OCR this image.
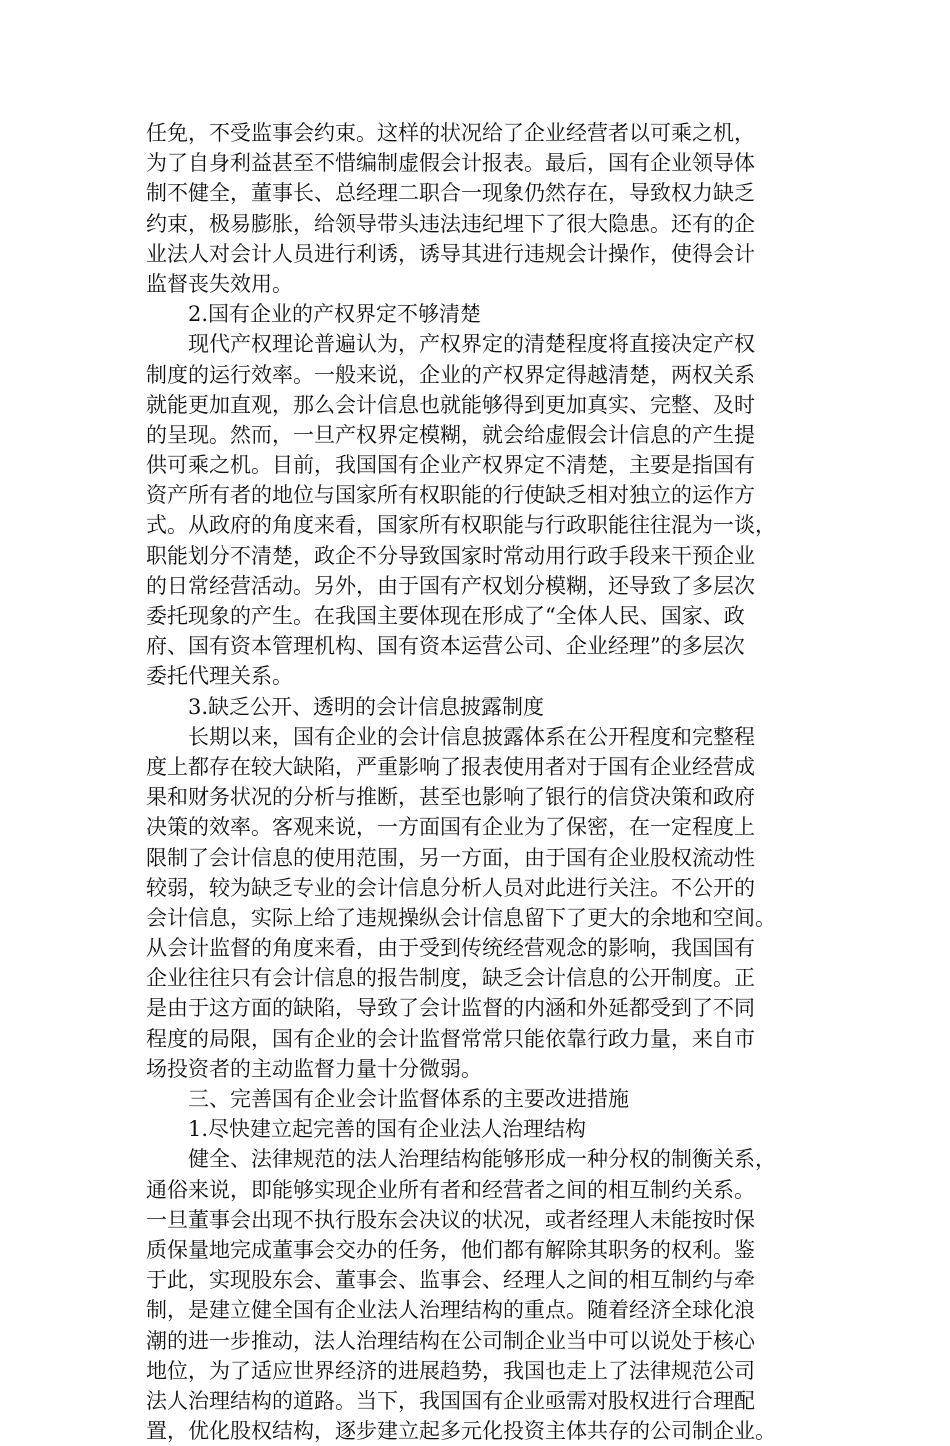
任免，不受监事会约束。这样的状况给了企业经营者以可乘之机，
为了自身利益甚至不惜编制虚假会计报表。最后，国有企业领导体
制不健全，董事长、总经理二职合一现象仍然存在，导致权力缺乏
约束，极易膨胀，给领导带头违法违纪埋下了很大隐患。还有的企
业法人对会计人员进行利诱，诱导其进行违规会计操作，使得会计
监督丧失效用。
2.国有企业的产权界定不够清楚
现代产权理论普遍认为，产权界定的清楚程度将直接决定产权
制度的运行效率。一般来说，企业的产权界定得越清楚，两权关系
就能更加直观，那么会计信息也就能够得到更加真实、完整、及时
的呈现。然而，一旦产权界定模糊，就会给虚假会计信息的产生提
供可乘之机。目前，我国国有企业产权界定不清楚，主要是指国有
资产所有者的地位与国家所有权职能的行使缺乏相对独立的运作方
式。从政府的角度来看，国家所有权职能与行政职能往往混为一谈，
职能划分不清楚，政企不分导致国家时常动用行政手段来干预企业
的日常经营活动。另外，由于国有产权划分模糊，还导致了多层次
委托现象的产生。在我国主要体现在形成了“全体人民、国家、政
府、国有资本管理机构、国有资本运营公司、企业经理”的多层次
委托代理关系。
3.缺乏公开、透明的会计信息披露制度
长期以来，国有企业的会计信息披露体系在公开程度和完整程
度上都存在较大缺陷，严重影响了报表使用者对于国有企业经营成
果和财务状况的分析与推断，甚至也影响了银行的信贷决策和政府
决策的效率。客观来说，一方面国有企业为了保密，在一定程度上
限制了会计信息的使用范围，另一方面，由于国有企业股权流动性
较弱，较为缺乏专业的会计信息分析人员对此进行关注。不公开的
会计信息，实际上给了违规操纵会计信息留下了更大的余地和空间。
从会计监督的角度来看，由于受到传统经营观念的影响，我国国有
企业往往只有会计信息的报告制度，缺乏会计信息的公开制度。正
是由于这方面的缺陷，导致了会计监督的内涵和外延都受到了不同
程度的局限，国有企业的会计监督常常只能依靠行政力量，来自市
场投资者的主动监督力量十分微弱。
三、完善国有企业会计监督体系的主要改进措施
1.尽快建立起完善的国有企业法人治理结构
健全、法律规范的法人治理结构能够形成一种分权的制衡关系，
通俗来说，即能够实现企业所有者和经营者之间的相互制约关系。
一旦董事会出现不执行股东会决议的状况，或者经理人未能按时保
质保量地完成董事会交办的任务，他们都有解除其职务的权利。鉴
于此，实现股东会、董事会、监事会、经理人之间的相互制约与牵
制，是建立健全国有企业法人治理结构的重点。随着经济全球化浪
潮的进一步推动，法人治理结构在公司制企业当中可以说处于核心
地位，为了适应世界经济的进展趋势，我国也走上了法律规范公司
法人治理结构的道路。当下，我国国有企业亟需对股权进行合理配
置，优化股权结构，逐步建立起多元化投资主体共存的公司制企业。
